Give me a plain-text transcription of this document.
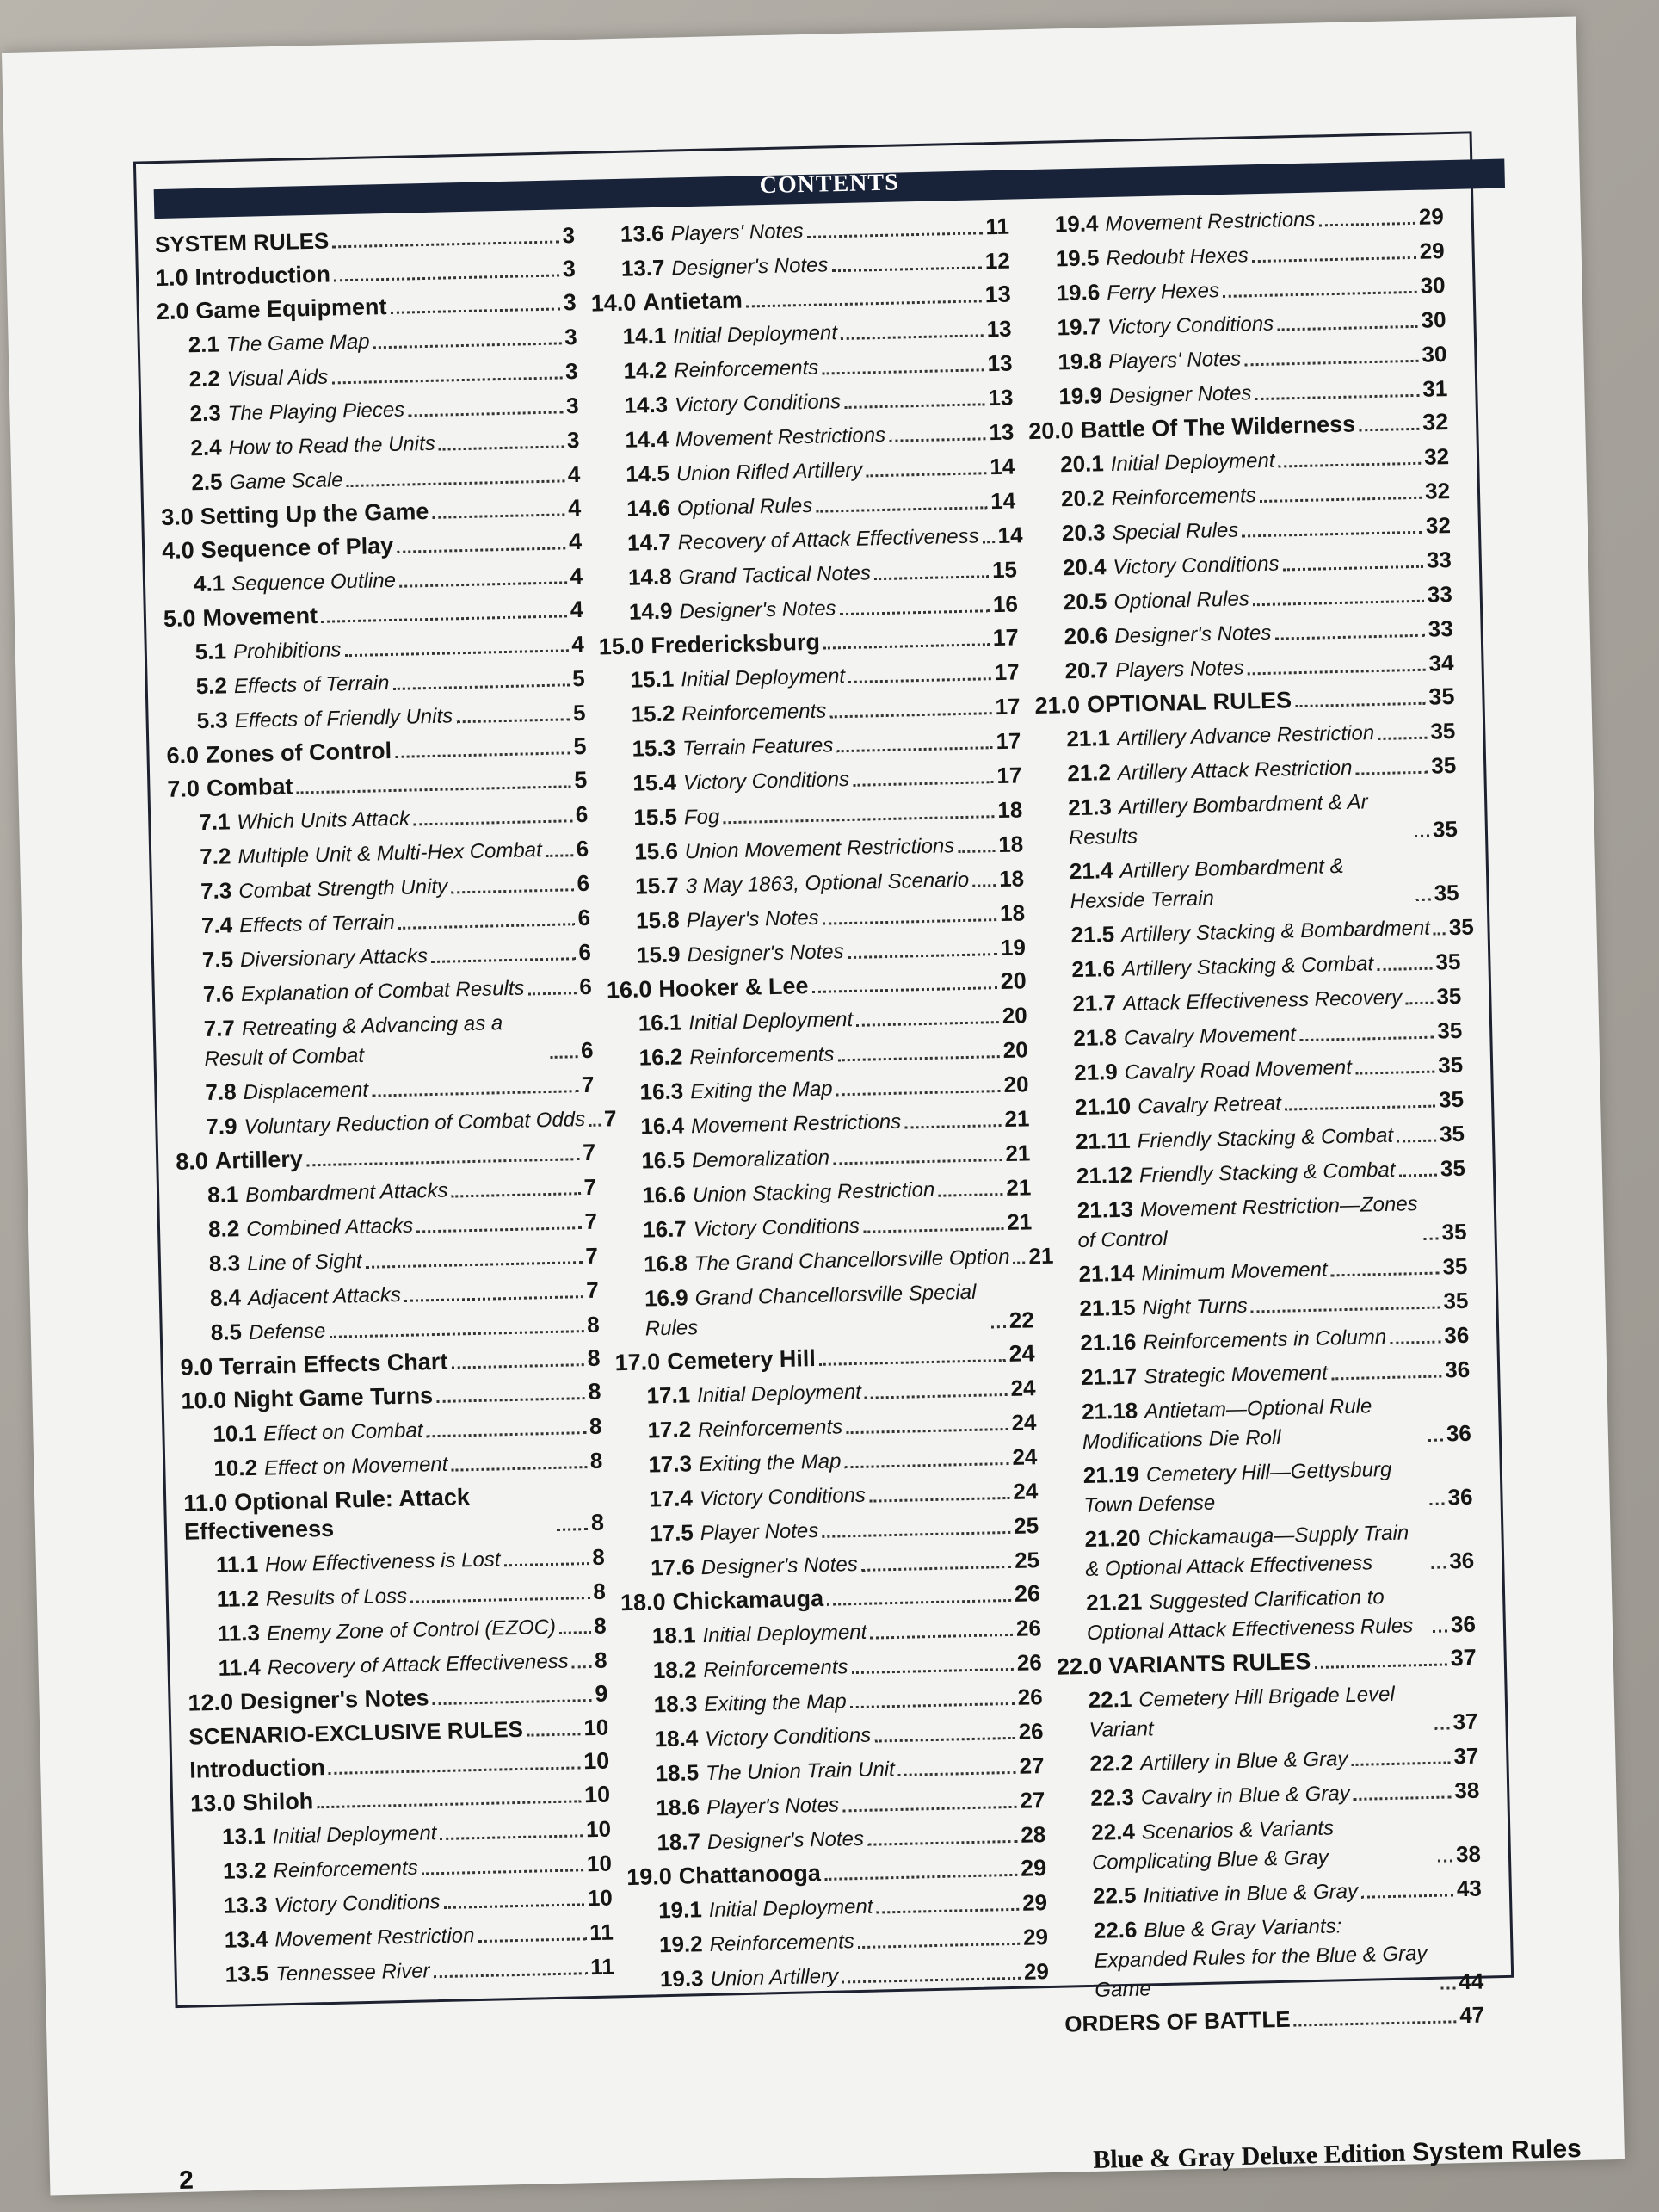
CONTENTS
SYSTEM RULES	3
1.0 Introduction	3
2.0 Game Equipment	3
2.1 The Game Map	3
2.2 Visual Aids	3
2.3 The Playing Pieces	3
2.4 How to Read the Units	3
2.5 Game Scale	4
3.0 Setting Up the Game	4
4.0 Sequence of Play	4
4.1 Sequence Outline	4
5.0 Movement	4
5.1 Prohibitions	4
5.2 Effects of Terrain	5
5.3 Effects of Friendly Units	5
6.0 Zones of Control	5
7.0 Combat	5
7.1 Which Units Attack	6
7.2 Multiple Unit & Multi-Hex Combat 6
7.3 Combat Strength Unity	6
7.4 Effects of Terrain	6
7.5 Diversionary Attacks	6
7.6 Explanation of Combat Results 6
7.7 Retreating & Advancing as a Result of Combat	6
7.8 Displacement	7
7.9 Voluntary Reduction of Combat Odds 7
8.0 Artillery	7
8.1 Bombardment Attacks	7
8.2 Combined Attacks	7
8.3 Line of Sight	7
8.4 Adjacent Attacks	7
8.5 Defense	8
9.0 Terrain Effects Chart	8
10.0 Night Game Turns	8
10.1 Effect on Combat	8
10.2 Effect on Movement	8
11.0 Optional Rule: Attack Effectiveness	8
11.1 How Effectiveness is Lost	8
11.2 Results of Loss	8
11.3 Enemy Zone of Control (EZOC) 8
11.4 Recovery of Attack Effectiveness 8
12.0 Designer's Notes	9
SCENARIO-EXCLUSIVE RULES	10
Introduction	10
13.0 Shiloh	10
13.1 Initial Deployment	10
13.2 Reinforcements	10
13.3 Victory Conditions	10
13.4 Movement Restriction	11
13.5 Tennessee River	11
13.6 Players' Notes	11
13.7 Designer's Notes	12
14.0 Antietam	13
14.1 Initial Deployment	13
14.2 Reinforcements	13
14.3 Victory Conditions	13
14.4 Movement Restrictions	13
14.5 Union Rifled Artillery	14
14.6 Optional Rules	14
14.7 Recovery of Attack Effectiveness 14
14.8 Grand Tactical Notes	15
14.9 Designer's Notes	16
15.0 Fredericksburg	17
15.1 Initial Deployment	17
15.2 Reinforcements	17
15.3 Terrain Features	17
15.4 Victory Conditions	17
15.5 Fog	18
15.6 Union Movement Restrictions 18
15.7 3 May 1863, Optional Scenario 18
15.8 Player's Notes	18
15.9 Designer's Notes	19
16.0 Hooker & Lee	20
16.1 Initial Deployment	20
16.2 Reinforcements	20
16.3 Exiting the Map	20
16.4 Movement Restrictions	21
16.5 Demoralization	21
16.6 Union Stacking Restriction	21
16.7 Victory Conditions	21
16.8 The Grand Chancellorsville Option 21
16.9 Grand Chancellorsville Special Rules	22
17.0 Cemetery Hill	24
17.1 Initial Deployment	24
17.2 Reinforcements	24
17.3 Exiting the Map	24
17.4 Victory Conditions	24
17.5 Player Notes	25
17.6 Designer's Notes	25
18.0 Chickamauga	26
18.1 Initial Deployment	26
18.2 Reinforcements	26
18.3 Exiting the Map	26
18.4 Victory Conditions	26
18.5 The Union Train Unit	27
18.6 Player's Notes	27
18.7 Designer's Notes	28
19.0 Chattanooga	29
19.1 Initial Deployment	29
19.2 Reinforcements	29
19.3 Union Artillery	29
19.4 Movement Restrictions	29
19.5 Redoubt Hexes	29
19.6 Ferry Hexes	30
19.7 Victory Conditions	30
19.8 Players' Notes	30
19.9 Designer Notes	31
20.0 Battle Of The Wilderness	32
20.1 Initial Deployment	32
20.2 Reinforcements	32
20.3 Special Rules	32
20.4 Victory Conditions	33
20.5 Optional Rules	33
20.6 Designer's Notes	33
20.7 Players Notes	34
21.0 OPTIONAL RULES	35
21.1 Artillery Advance Restriction 35
21.2 Artillery Attack Restriction	35
21.3 Artillery Bombardment & Ar Results	35
21.4 Artillery Bombardment & Hexside Terrain	35
21.5 Artillery Stacking & Bombardment 35
21.6 Artillery Stacking & Combat	35
21.7 Attack Effectiveness Recovery 35
21.8 Cavalry Movement	35
21.9 Cavalry Road Movement	35
21.10 Cavalry Retreat	35
21.11 Friendly Stacking & Combat 35
21.12 Friendly Stacking & Combat 35
21.13 Movement Restriction—Zones of Control	35
21.14 Minimum Movement	35
21.15 Night Turns	35
21.16 Reinforcements in Column	36
21.17 Strategic Movement	36
21.18 Antietam—Optional Rule Modifications Die Roll	36
21.19 Cemetery Hill—Gettysburg Town Defense	36
21.20 Chickamauga—Supply Train & Optional Attack Effectiveness	36
21.21 Suggested Clarification to Optional Attack Effectiveness Rules	36
22.0 VARIANTS RULES	37
22.1 Cemetery Hill Brigade Level Variant	37
22.2 Artillery in Blue & Gray	37
22.3 Cavalry in Blue & Gray	38
22.4 Scenarios & Variants Complicating Blue & Gray	38
22.5 Initiative in Blue & Gray	43
22.6 Blue & Gray Variants: Expanded Rules for the Blue & Gray Game	44
ORDERS OF BATTLE	47
2
Blue & Gray Deluxe Edition System Rules
